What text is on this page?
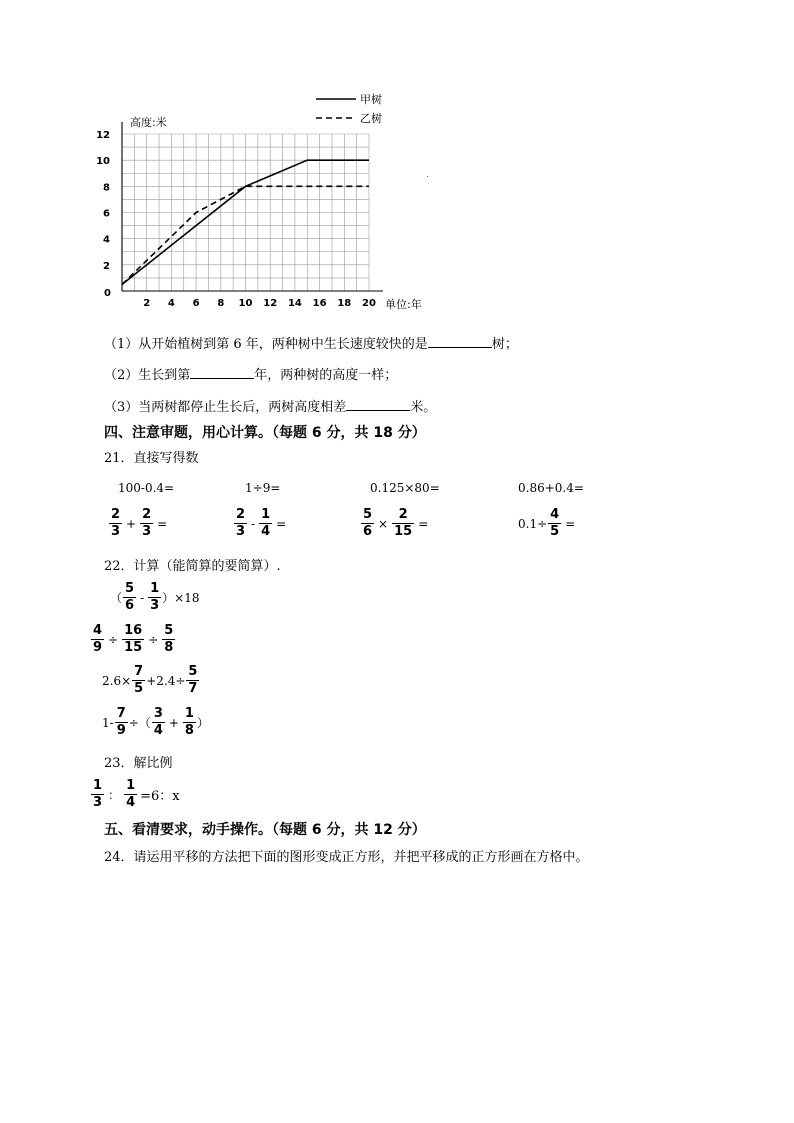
高度:米
单位:年
2
4
6
8
10
12
2 4 6 8 10 12 14 16 18 20
0
甲树
乙树
（1）从开始植树到第 6 年，两种树中生长速度较快的是	树；
（2）生长到第	年，两种树的高度一样；
（3）当两树都停止生长后，两树高度相差	米。
四、注意审题，用心计算。（每题 6 分，共 18 分）
21．直接写得数
100-0.4=	1÷9=	0.125×80=	0.86+0.4=
$\frac{2}{3} + \frac{2}{3}$ =	$\frac{2}{3} - \frac{1}{4}$ =	$\frac{5}{6} \times \frac{2}{15}$ =	$0.1\div \frac{4}{5}$ =
22．计算（能简算的要简算）.
（ $\frac{5}{6} - \frac{1}{3} )\times 18$
$\frac{4}{9} \div \frac{16}{15} \div \frac{5}{8}$
$2.6\times \frac{7}{5} +2.4\div \frac{5}{7}$
$1- \frac{7}{9}$ ÷（ $\frac{3}{4} + \frac{1}{8}$ ）
23．解比例
$\frac{1}{3}$ ： $\frac{1}{4} =6$：x
五、看清要求，动手操作。（每题 6 分，共 12 分）
24．请运用平移的方法把下面的图形变成正方形，并把平移成的正方形画在方格中。
